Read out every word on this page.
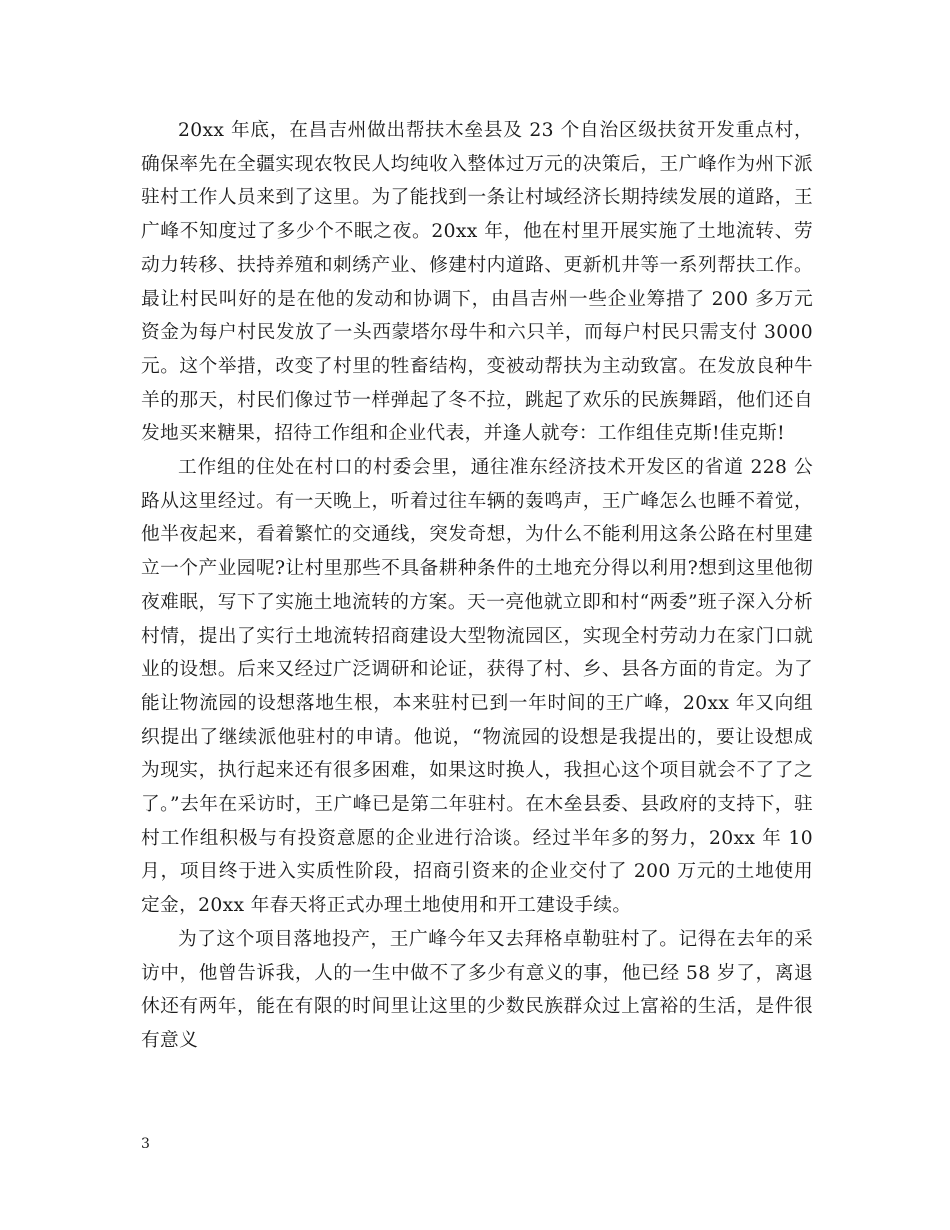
20xx 年底，在昌吉州做出帮扶木垒县及 23 个自治区级扶贫开发重点村，确保率先在全疆实现农牧民人均纯收入整体过万元的决策后，王广峰作为州下派驻村工作人员来到了这里。为了能找到一条让村域经济长期持续发展的道路，王广峰不知度过了多少个不眠之夜。20xx 年，他在村里开展实施了土地流转、劳动力转移、扶持养殖和刺绣产业、修建村内道路、更新机井等一系列帮扶工作。最让村民叫好的是在他的发动和协调下，由昌吉州一些企业筹措了 200 多万元资金为每户村民发放了一头西蒙塔尔母牛和六只羊，而每户村民只需支付 3000 元。这个举措，改变了村里的牲畜结构，变被动帮扶为主动致富。在发放良种牛羊的那天，村民们像过节一样弹起了冬不拉，跳起了欢乐的民族舞蹈，他们还自发地买来糖果，招待工作组和企业代表，并逢人就夸：工作组佳克斯!佳克斯!

工作组的住处在村口的村委会里，通往准东经济技术开发区的省道 228 公路从这里经过。有一天晚上，听着过往车辆的轰鸣声，王广峰怎么也睡不着觉，他半夜起来，看着繁忙的交通线，突发奇想，为什么不能利用这条公路在村里建立一个产业园呢?让村里那些不具备耕种条件的土地充分得以利用?想到这里他彻夜难眠，写下了实施土地流转的方案。天一亮他就立即和村“两委”班子深入分析村情，提出了实行土地流转招商建设大型物流园区，实现全村劳动力在家门口就业的设想。后来又经过广泛调研和论证，获得了村、乡、县各方面的肯定。为了能让物流园的设想落地生根，本来驻村已到一年时间的王广峰，20xx 年又向组织提出了继续派他驻村的申请。他说，“物流园的设想是我提出的，要让设想成为现实，执行起来还有很多困难，如果这时换人，我担心这个项目就会不了了之了。”去年在采访时，王广峰已是第二年驻村。在木垒县委、县政府的支持下，驻村工作组积极与有投资意愿的企业进行洽谈。经过半年多的努力，20xx 年 10 月，项目终于进入实质性阶段，招商引资来的企业交付了 200 万元的土地使用定金，20xx 年春天将正式办理土地使用和开工建设手续。

为了这个项目落地投产，王广峰今年又去拜格卓勒驻村了。记得在去年的采访中，他曾告诉我，人的一生中做不了多少有意义的事，他已经 58 岁了，离退休还有两年，能在有限的时间里让这里的少数民族群众过上富裕的生活，是件很有意义

3
